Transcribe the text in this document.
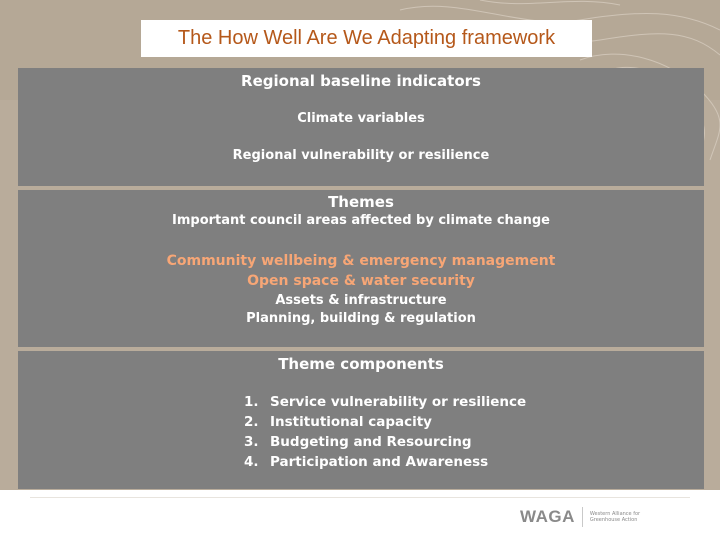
The How Well Are We Adapting framework
Regional baseline indicators
Climate variables
Regional vulnerability or resilience
Themes
Important council areas affected by climate change
Community wellbeing & emergency management
Open space & water security
Assets & infrastructure
Planning, building & regulation
Theme components
1. Service vulnerability or resilience
2. Institutional capacity
3. Budgeting and Resourcing
4. Participation and Awareness
WAGA	Western Alliance for Greenhouse Action
